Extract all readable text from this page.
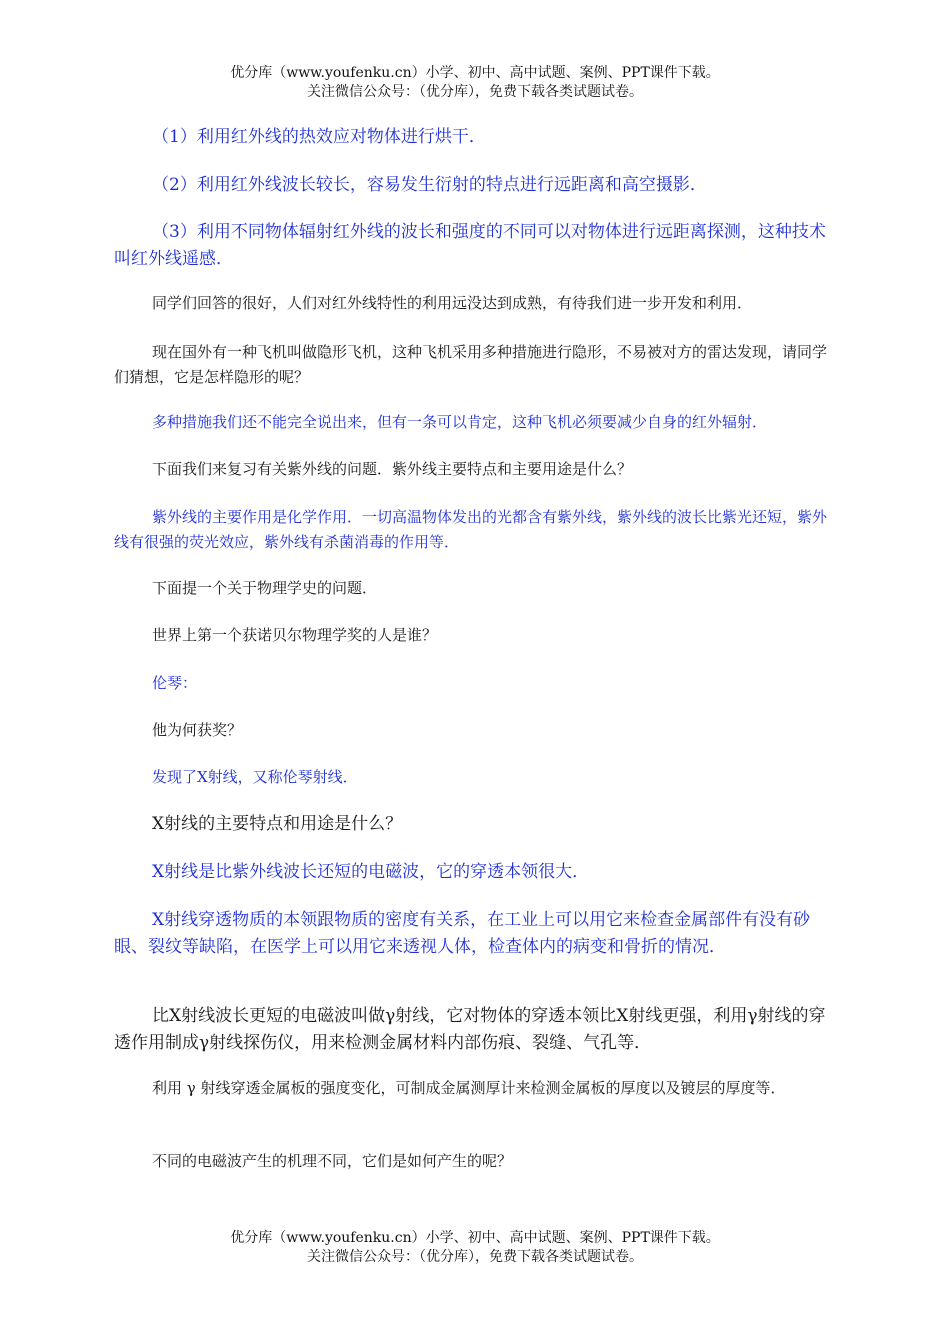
优分库（www.youfenku.cn）小学、初中、高中试题、案例、PPT课件下载。
关注微信公众号：（优分库），免费下载各类试题试卷。

（1）利用红外线的热效应对物体进行烘干．

（2）利用红外线波长较长，容易发生衍射的特点进行远距离和高空摄影．

（3）利用不同物体辐射红外线的波长和强度的不同可以对物体进行远距离探测，这种技术叫红外线遥感．

同学们回答的很好，人们对红外线特性的利用远没达到成熟，有待我们进一步开发和利用．

现在国外有一种飞机叫做隐形飞机，这种飞机采用多种措施进行隐形，不易被对方的雷达发现，请同学们猜想，它是怎样隐形的呢？

多种措施我们还不能完全说出来，但有一条可以肯定，这种飞机必须要减少自身的红外辐射．

下面我们来复习有关紫外线的问题．紫外线主要特点和主要用途是什么？

紫外线的主要作用是化学作用．一切高温物体发出的光都含有紫外线，紫外线的波长比紫光还短，紫外线有很强的荧光效应，紫外线有杀菌消毒的作用等．

下面提一个关于物理学史的问题．

世界上第一个获诺贝尔物理学奖的人是谁？

伦琴：

他为何获奖？

发现了X射线，又称伦琴射线．

X射线的主要特点和用途是什么？

X射线是比紫外线波长还短的电磁波，它的穿透本领很大．

X射线穿透物质的本领跟物质的密度有关系，在工业上可以用它来检查金属部件有没有砂眼、裂纹等缺陷，在医学上可以用它来透视人体，检查体内的病变和骨折的情况．

比X射线波长更短的电磁波叫做γ射线，它对物体的穿透本领比X射线更强，利用γ射线的穿透作用制成γ射线探伤仪，用来检测金属材料内部伤痕、裂缝、气孔等．

利用 γ 射线穿透金属板的强度变化，可制成金属测厚计来检测金属板的厚度以及镀层的厚度等．

不同的电磁波产生的机理不同，它们是如何产生的呢？

优分库（www.youfenku.cn）小学、初中、高中试题、案例、PPT课件下载。
关注微信公众号：（优分库），免费下载各类试题试卷。
